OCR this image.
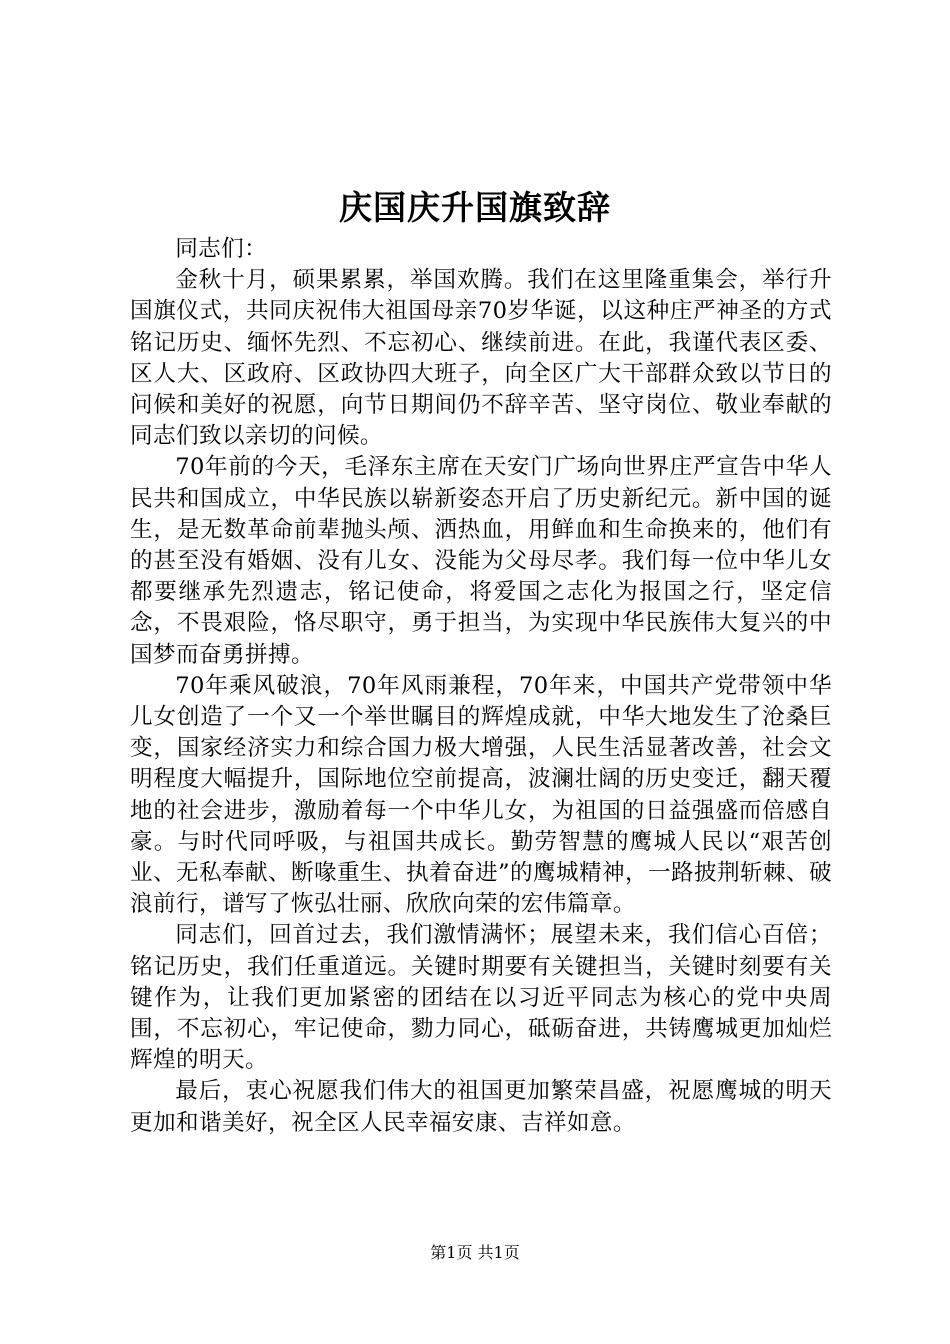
庆国庆升国旗致辞

同志们：

金秋十月，硕果累累，举国欢腾。我们在这里隆重集会，举行升国旗仪式，共同庆祝伟大祖国母亲70岁华诞，以这种庄严神圣的方式铭记历史、缅怀先烈、不忘初心、继续前进。在此，我谨代表区委、区人大、区政府、区政协四大班子，向全区广大干部群众致以节日的问候和美好的祝愿，向节日期间仍不辞辛苦、坚守岗位、敬业奉献的同志们致以亲切的问候。

70年前的今天，毛泽东主席在天安门广场向世界庄严宣告中华人民共和国成立，中华民族以崭新姿态开启了历史新纪元。新中国的诞生，是无数革命前辈抛头颅、洒热血，用鲜血和生命换来的，他们有的甚至没有婚姻、没有儿女、没能为父母尽孝。我们每一位中华儿女都要继承先烈遗志，铭记使命，将爱国之志化为报国之行，坚定信念，不畏艰险，恪尽职守，勇于担当，为实现中华民族伟大复兴的中国梦而奋勇拼搏。

70年乘风破浪，70年风雨兼程，70年来，中国共产党带领中华儿女创造了一个又一个举世瞩目的辉煌成就，中华大地发生了沧桑巨变，国家经济实力和综合国力极大增强，人民生活显著改善，社会文明程度大幅提升，国际地位空前提高，波澜壮阔的历史变迁，翻天覆地的社会进步，激励着每一个中华儿女，为祖国的日益强盛而倍感自豪。与时代同呼吸，与祖国共成长。勤劳智慧的鹰城人民以“艰苦创业、无私奉献、断喙重生、执着奋进”的鹰城精神，一路披荆斩棘、破浪前行，谱写了恢弘壮丽、欣欣向荣的宏伟篇章。

同志们，回首过去，我们激情满怀；展望未来，我们信心百倍；铭记历史，我们任重道远。关键时期要有关键担当，关键时刻要有关键作为，让我们更加紧密的团结在以习近平同志为核心的党中央周围，不忘初心，牢记使命，勠力同心，砥砺奋进，共铸鹰城更加灿烂辉煌的明天。

最后，衷心祝愿我们伟大的祖国更加繁荣昌盛，祝愿鹰城的明天更加和谐美好，祝全区人民幸福安康、吉祥如意。

第1页 共1页
